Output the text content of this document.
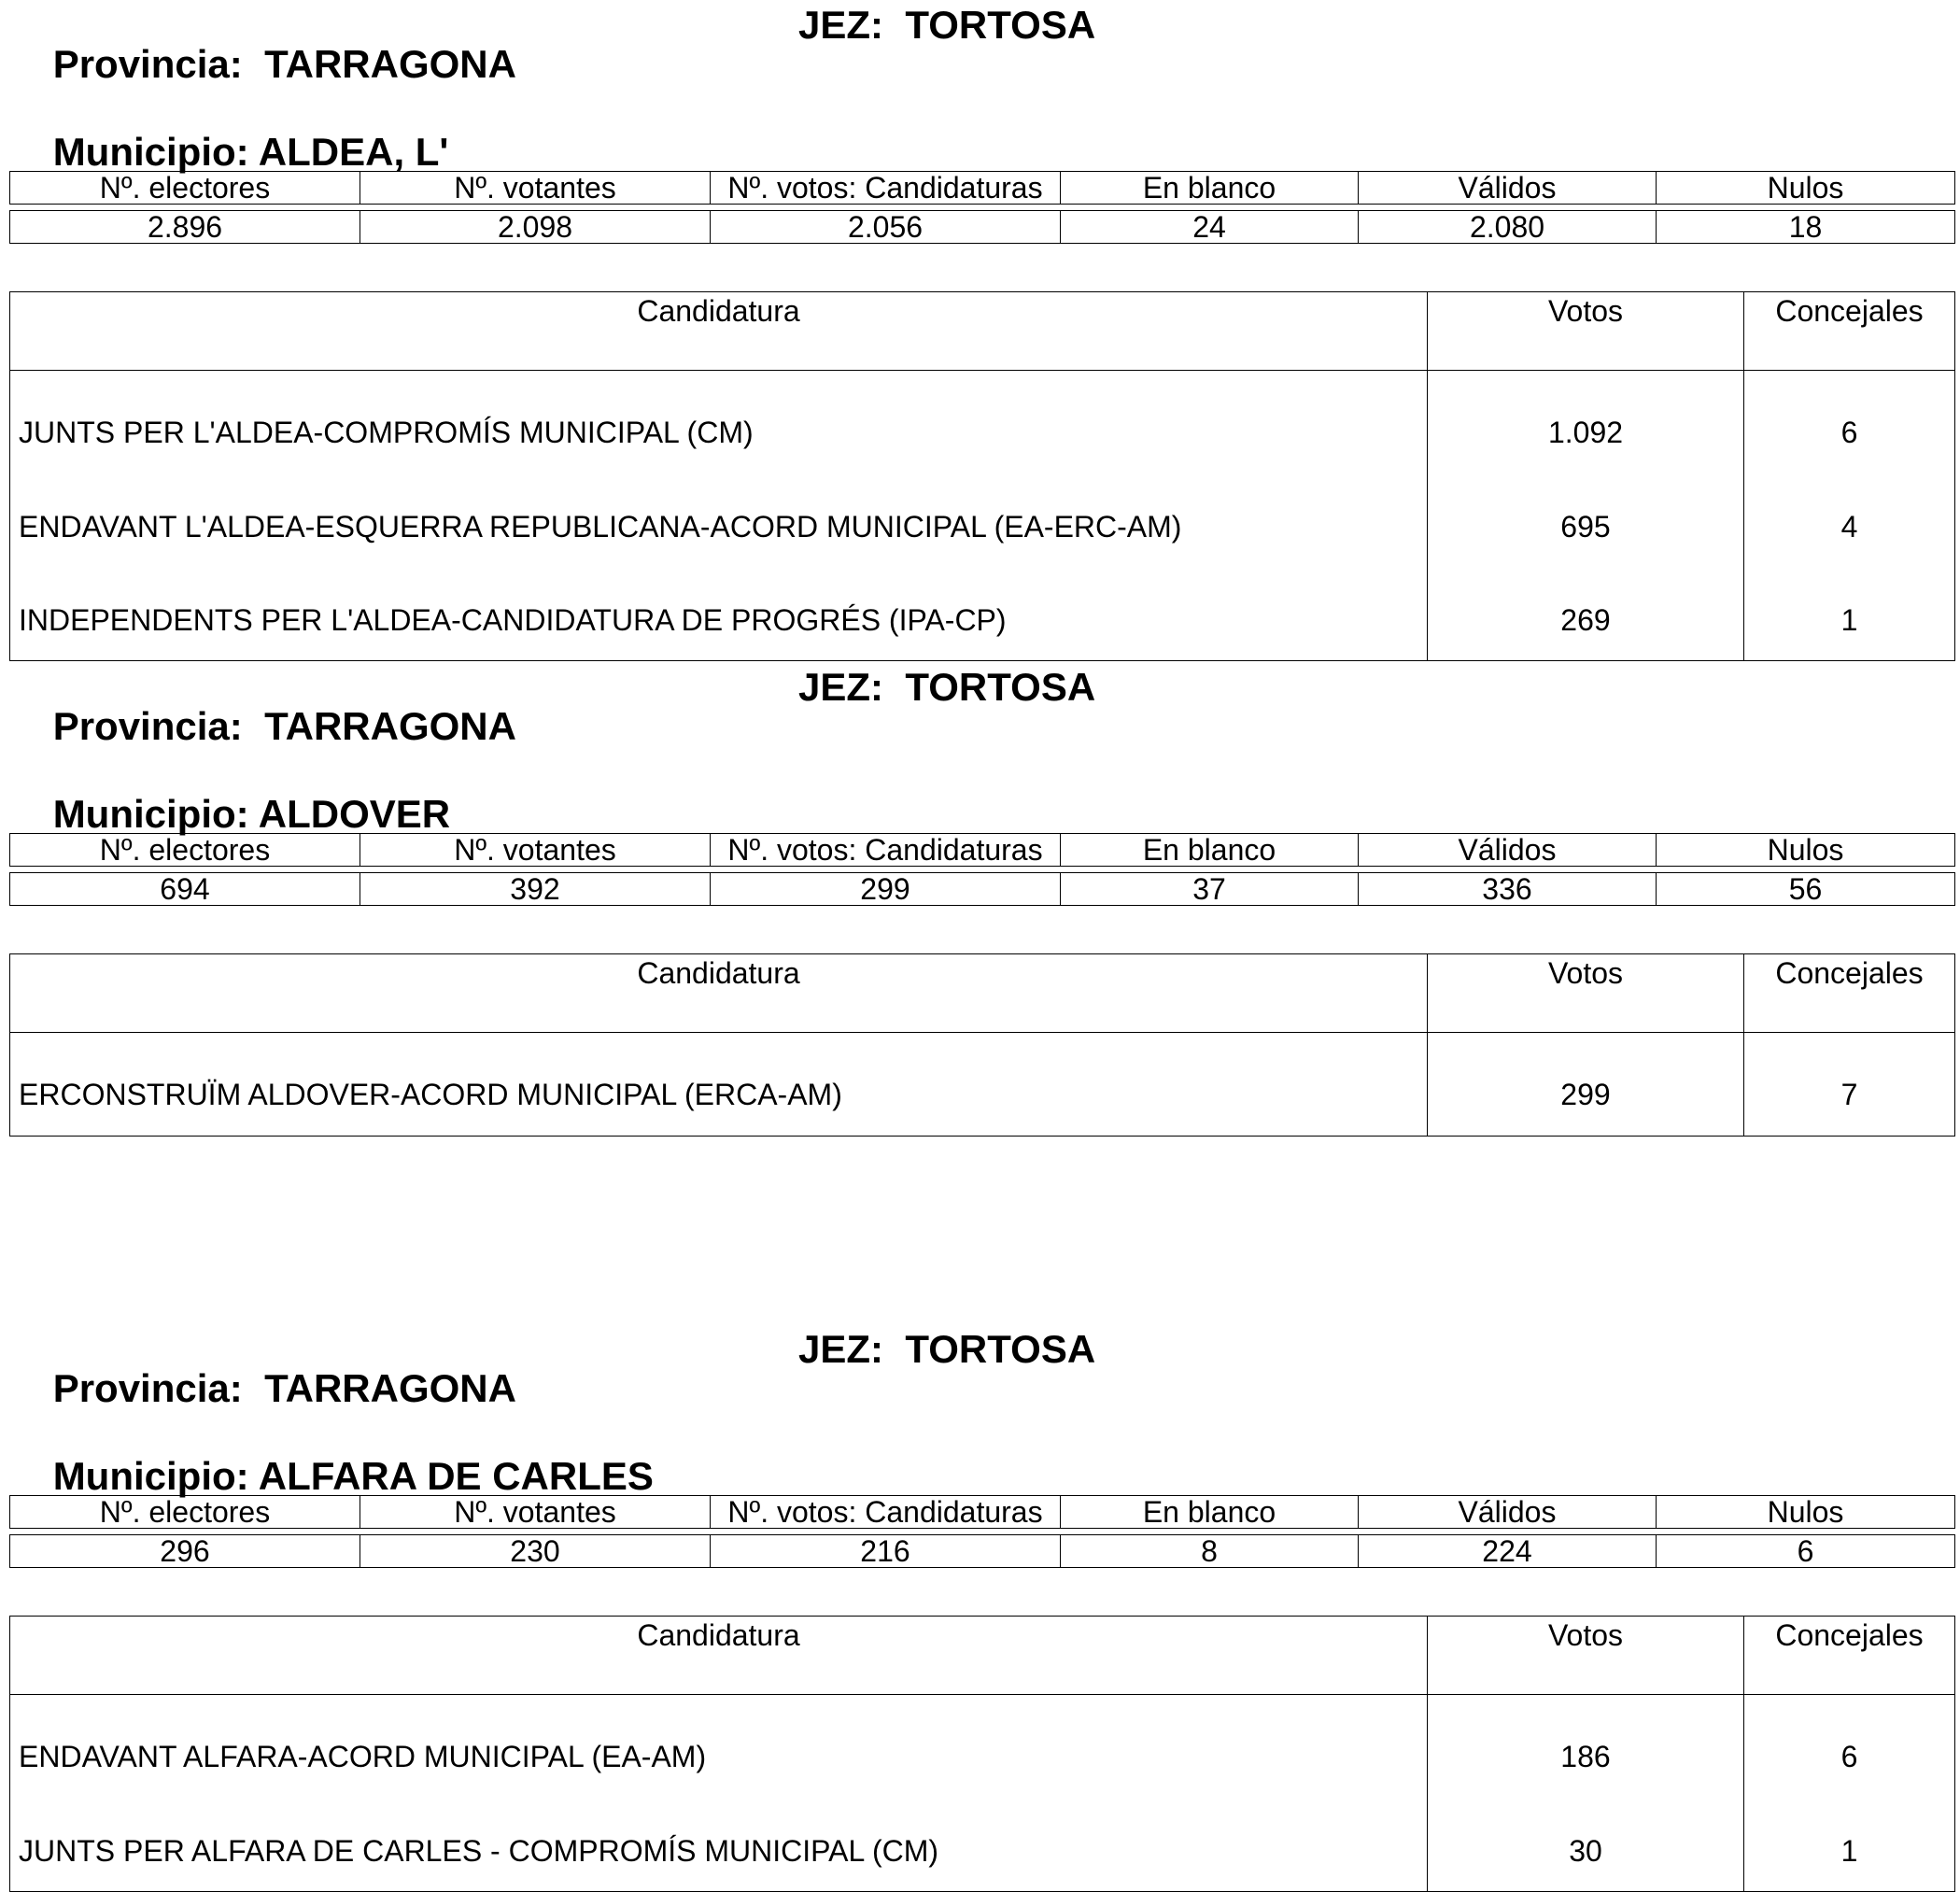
Provincia: TARRAGONA

JEZ: TORTOSA

Municipio: ALDEA, L'

Nº. electores	Nº. votantes	Nº. votos: Candidaturas	En blanco	Válidos	Nulos

2.896	2.098	2.056	24	2.080	18
Candidatura	Votos	Concejales
JUNTS PER L'ALDEA-COMPROMÍS MUNICIPAL (CM)	1.092	6
ENDAVANT L'ALDEA-ESQUERRA REPUBLICANA-ACORD MUNICIPAL (EA-ERC-AM)	695	4
INDEPENDENTS PER L'ALDEA-CANDIDATURA DE PROGRÉS (IPA-CP)	269	1

Provincia: TARRAGONA

JEZ: TORTOSA

Municipio: ALDOVER

Nº. electores	Nº. votantes	Nº. votos: Candidaturas	En blanco	Válidos	Nulos

694	392	299	37	336	56
Candidatura	Votos	Concejales
ERCONSTRUÏM ALDOVER-ACORD MUNICIPAL (ERCA-AM)	299	7

Provincia: TARRAGONA

JEZ: TORTOSA

Municipio: ALFARA DE CARLES

Nº. electores	Nº. votantes	Nº. votos: Candidaturas	En blanco	Válidos	Nulos

296	230	216	8	224	6
Candidatura	Votos	Concejales
ENDAVANT ALFARA-ACORD MUNICIPAL (EA-AM)	186	6
JUNTS PER ALFARA DE CARLES - COMPROMÍS MUNICIPAL (CM)	30	1
